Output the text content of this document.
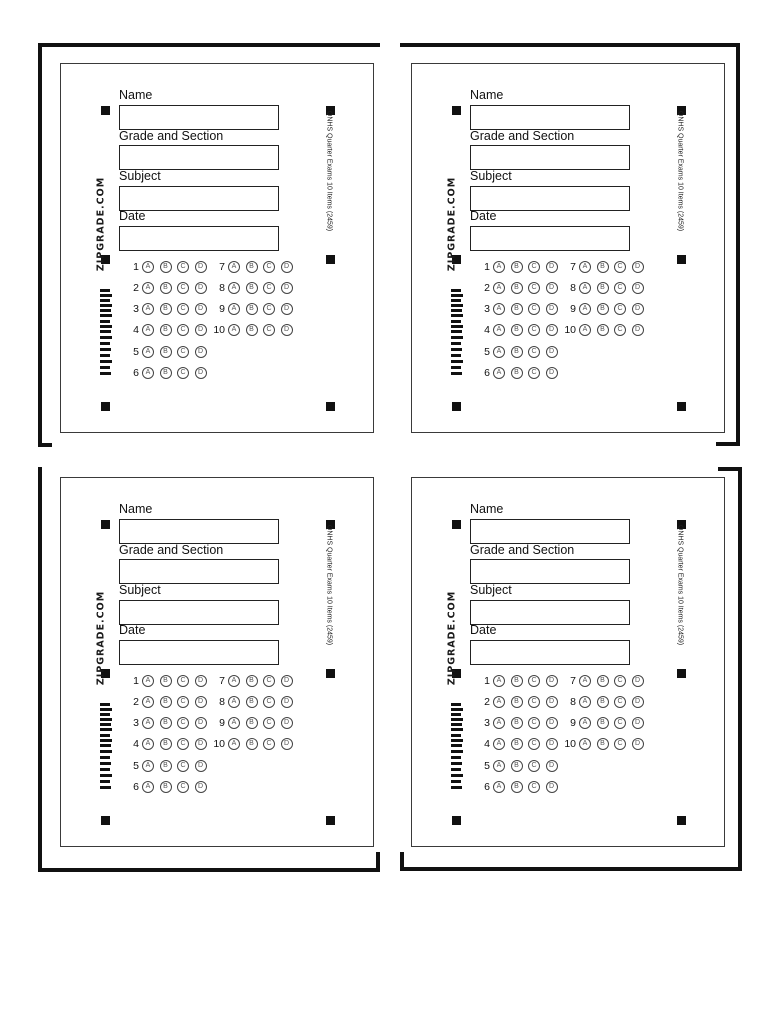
ZIPGRADE.COM	QNHS Quarter Exams 10 Items (2459)
Name
Grade and Section
Subject
Date
1 A	B	C	D
2 A	B	C	D
3 A	B	C	D
4 A	B	C	D
5 A	B	C	D
6 A	B	C	D
7 A	B	C	D
8 A	B	C	D
9 A	B	C	D
10 A	B	C	D
ZIPGRADE.COM	QNHS Quarter Exams 10 Items (2459)
Name
Grade and Section
Subject
Date
1 A	B	C	D
2 A	B	C	D
3 A	B	C	D
4 A	B	C	D
5 A	B	C	D
6 A	B	C	D
7 A	B	C	D
8 A	B	C	D
9 A	B	C	D
10 A	B	C	D
ZIPGRADE.COM	QNHS Quarter Exams 10 Items (2459)
Name
Grade and Section
Subject
Date
1 A	B	C	D
2 A	B	C	D
3 A	B	C	D
4 A	B	C	D
5 A	B	C	D
6 A	B	C	D
7 A	B	C	D
8 A	B	C	D
9 A	B	C	D
10 A	B	C	D
ZIPGRADE.COM	QNHS Quarter Exams 10 Items (2459)
Name
Grade and Section
Subject
Date
1 A	B	C	D
2 A	B	C	D
3 A	B	C	D
4 A	B	C	D
5 A	B	C	D
6 A	B	C	D
7 A	B	C	D
8 A	B	C	D
9 A	B	C	D
10 A	B	C	D
